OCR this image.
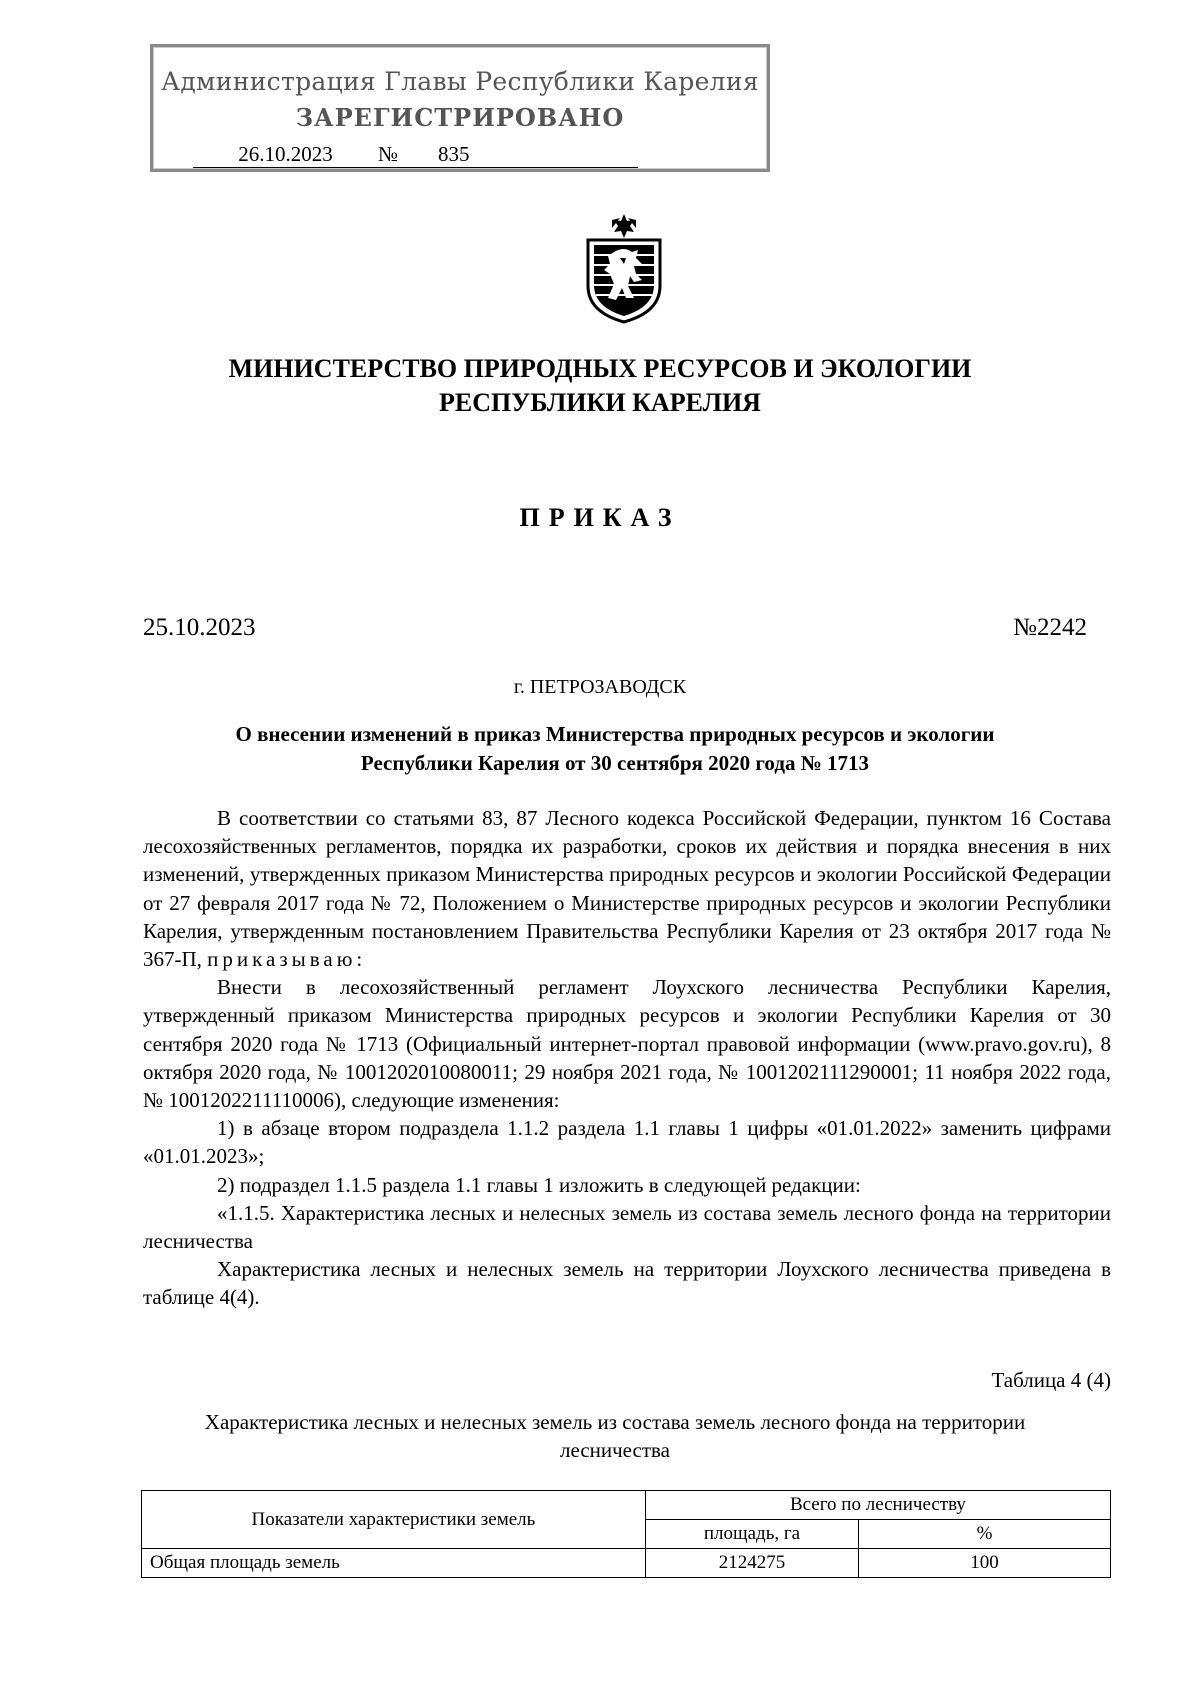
Администрация Главы Республики Карелия
ЗАРЕГИСТРИРОВАНО
26.10.2023 № 835
МИНИСТЕРСТВО ПРИРОДНЫХ РЕСУРСОВ И ЭКОЛОГИИ
РЕСПУБЛИКИ КАРЕЛИЯ
ПРИКАЗ
25.10.2023	№2242
г. ПЕТРОЗАВОДСК
О внесении изменений в приказ Министерства природных ресурсов и экологии
Республики Карелия от 30 сентября 2020 года № 1713

В соответствии со статьями 83, 87 Лесного кодекса Российской Федерации, пунктом 16 Состава лесохозяйственных регламентов, порядка их разработки, сроков их действия и порядка внесения в них изменений, утвержденных приказом Министерства природных ресурсов и экологии Российской Федерации от 27 февраля 2017 года № 72, Положением о Министерстве природных ресурсов и экологии Республики Карелия, утвержденным постановлением Правительства Республики Карелия от 23 октября 2017 года № 367-П, приказываю:

Внести в лесохозяйственный регламент Лоухского лесничества Республики Карелия, утвержденный приказом Министерства природных ресурсов и экологии Республики Карелия от 30 сентября 2020 года № 1713 (Официальный интернет-портал правовой информации (www.pravo.gov.ru), 8 октября 2020 года, № 1001202010080011; 29 ноября 2021 года, № 1001202111290001; 11 ноября 2022 года, № 1001202211110006), следующие изменения:

1) в абзаце втором подраздела 1.1.2 раздела 1.1 главы 1 цифры «01.01.2022» заменить цифрами «01.01.2023»;

2) подраздел 1.1.5 раздела 1.1 главы 1 изложить в следующей редакции:

«1.1.5. Характеристика лесных и нелесных земель из состава земель лесного фонда на территории лесничества

Характеристика лесных и нелесных земель на территории Лоухского лесничества приведена в таблице 4(4).

Таблица 4 (4)
Характеристика лесных и нелесных земель из состава земель лесного фонда на территории
лесничества
Показатели характеристики земель	Всего по лесничеству	
	площадь, га	%
Общая площадь земель	2124275	100
